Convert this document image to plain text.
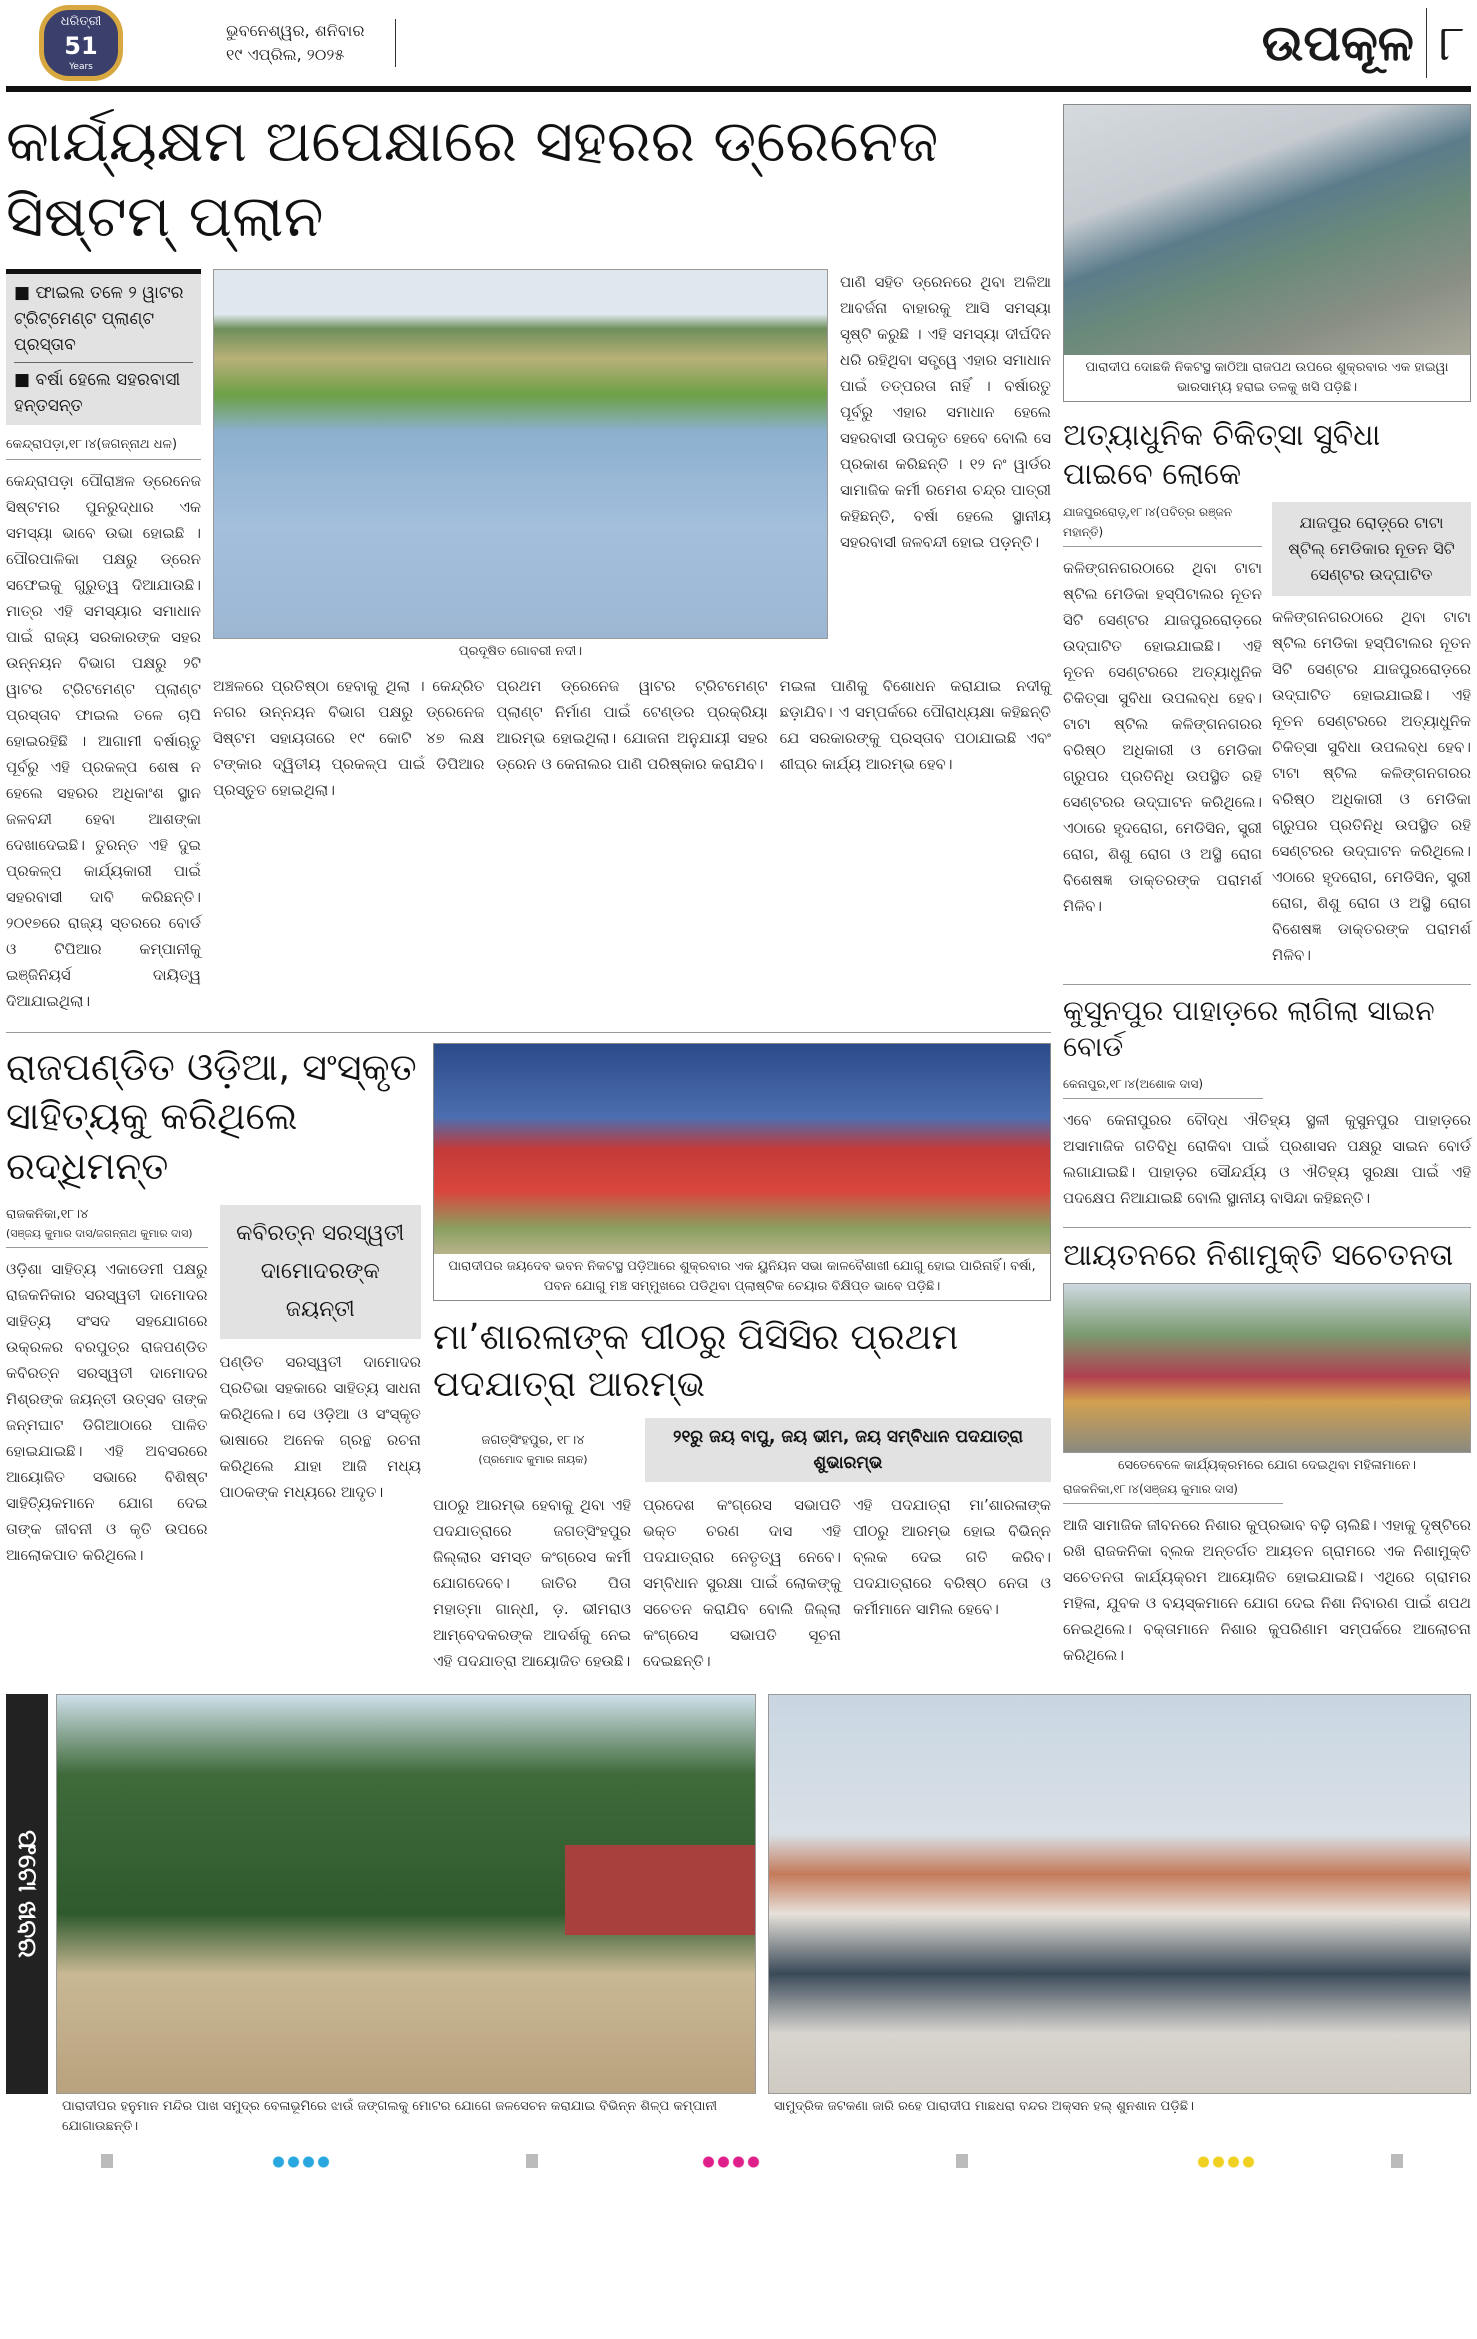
ଧରିତ୍ରୀ
51
Years
ଭୁବନେଶ୍ୱର, ଶନିବାର
୧୯ ଏପ୍ରିଲ, ୨୦୨୫	ଉପକୂଳ ୮
କାର୍ଯ୍ୟକ୍ଷମ ଅପେକ୍ଷାରେ ସହରର ଡ୍ରେନେଜ ସିଷ୍ଟମ୍ ପ୍ଲାନ
■ ଫାଇଲ ତଳେ ୨ ୱାଟର ଟ୍ରିଟ୍‌ମେଣ୍ଟ ପ୍ଲାଣ୍ଟ ପ୍ରସ୍ତାବ
■ ବର୍ଷା ହେଲେ ସହରବାସୀ ହନ୍ତସନ୍ତ
କେନ୍ଦ୍ରାପଡ଼ା,୧୮।୪(ଜଗନ୍ନାଥ ଧଳ)
କେନ୍ଦ୍ରାପଡ଼ା ପୌରାଞ୍ଚଳ ଡ୍ରେନେଜ ସିଷ୍ଟମର ପୁନରୁଦ୍ଧାର ଏକ ସମସ୍ୟା ଭାବେ ଉଭା ହୋଇଛି । ପୌରପାଳିକା ପକ୍ଷରୁ ଡ୍ରେନ ସଫେଇକୁ ଗୁରୁତ୍ୱ ଦିଆଯାଉଛି। ମାତ୍ର ଏହି ସମସ୍ୟାର ସମାଧାନ ପାଇଁ ରାଜ୍ୟ ସରକାରଙ୍କ ସହର ଉନ୍ନୟନ ବିଭାଗ ପକ୍ଷରୁ ୨ଟି ୱାଟର ଟ୍ରିଟମେଣ୍ଟ ପ୍ଲାଣ୍ଟ ପ୍ରସ୍ତାବ ଫାଇଲ ତଳେ ଚାପି ହୋଇରହିଛି । ଆଗାମୀ ବର୍ଷାଋତୁ ପୂର୍ବରୁ ଏହି ପ୍ରକଳ୍ପ ଶେଷ ନ ହେଲେ ସହରର ଅଧିକାଂଶ ସ୍ଥାନ ଜଳବନ୍ଦୀ ହେବା ଆଶଙ୍କା ଦେଖାଦେଇଛି। ତୁରନ୍ତ ଏହି ଦୁଇ ପ୍ରକଳ୍ପ କାର୍ଯ୍ୟକାରୀ ପାଇଁ ସହରବାସୀ ଦାବି କରିଛନ୍ତି। ୨୦୧୭ରେ ରାଜ୍ୟ ସ୍ତରରେ ବୋର୍ଡ ଓ ଟିପିଆର କମ୍ପାନୀକୁ ଇଞ୍ଜିନିୟର୍ସ ଦାୟିତ୍ୱ ଦିଆଯାଇଥିଲା।
ପ୍ରଦୂଷିତ ଗୋବରୀ ନଦୀ।
ପାଣି ସହିତ ଡ୍ରେନରେ ଥିବା ଅଳିଆ ଆବର୍ଜନା ବାହାରକୁ ଆସି ସମସ୍ୟା ସୃଷ୍ଟି କରୁଛି । ଏହି ସମସ୍ୟା ଦୀର୍ଘଦିନ ଧରି ରହିଥିବା ସତ୍ତ୍ୱେ ଏହାର ସମାଧାନ ପାଇଁ ତତ୍ପରତା ନାହିଁ । ବର୍ଷାରତୁ ପୂର୍ବରୁ ଏହାର ସମାଧାନ ହେଲେ ସହରବାସୀ ଉପକୃତ ହେବେ ବୋଲି ସେ ପ୍ରକାଶ କରିଛନ୍ତି । ୧୨ ନଂ ୱାର୍ଡର ସାମାଜିକ କର୍ମୀ ରମେଶ ଚନ୍ଦ୍ର ପାତ୍ରୀ କହିଛନ୍ତି, ବର୍ଷା ହେଲେ ସ୍ଥାନୀୟ ସହରବାସୀ ଜଳବନ୍ଦୀ ହୋଇ ପଡ଼ନ୍ତି।
ଅଞ୍ଚଳରେ ପ୍ରତିଷ୍ଠା ହେବାକୁ ଥିଲା । କେନ୍ଦ୍ରିତ ନଗର ଉନ୍ନୟନ ବିଭାଗ ପକ୍ଷରୁ ଡ୍ରେନେଜ ସିଷ୍ଟମ ସହାୟତାରେ ୧୯ କୋଟି ୪୭ ଲକ୍ଷ ଟଙ୍କାର ଦ୍ୱିତୀୟ ପ୍ରକଳ୍ପ ପାଇଁ ଡିପିଆର ପ୍ରସ୍ତୁତ ହୋଇଥିଲା।
ପ୍ରଥମ ଡ୍ରେନେଜ ୱାଟର ଟ୍ରିଟମେଣ୍ଟ ପ୍ଲାଣ୍ଟ ନିର୍ମାଣ ପାଇଁ ଟେଣ୍ଡର ପ୍ରକ୍ରିୟା ଆରମ୍ଭ ହୋଇଥିଲା। ଯୋଜନା ଅନୁଯାୟୀ ସହର ଡ୍ରେନ ଓ କେନାଲର ପାଣି ପରିଷ୍କାର କରାଯିବ।
ମଇଳା ପାଣିକୁ ବିଶୋଧନ କରାଯାଇ ନଦୀକୁ ଛଡ଼ାଯିବ। ଏ ସମ୍ପର୍କରେ ପୌରାଧ୍ୟକ୍ଷା କହିଛନ୍ତି ଯେ ସରକାରଙ୍କୁ ପ୍ରସ୍ତାବ ପଠାଯାଇଛି ଏବଂ ଶୀଘ୍ର କାର୍ଯ୍ୟ ଆରମ୍ଭ ହେବ।
ରାଜପଣ୍ଡିତ ଓଡ଼ିଆ, ସଂସ୍କୃତ ସାହିତ୍ୟକୁ କରିଥିଲେ ରଦ୍ଧିମନ୍ତ
ରାଜକନିକା,୧୮।୪
(ସଞ୍ଜୟ କୁମାର ଦାସ/ଜଗନ୍ନାଥ କୁମାର ଦାସ)
ଓଡ଼ିଶା ସାହିତ୍ୟ ଏକାଡେମୀ ପକ୍ଷରୁ ରାଜକନିକାର ସରସ୍ୱତୀ ଦାମୋଦର ସାହିତ୍ୟ ସଂସଦ ସହଯୋଗରେ ଉକ୍ରଳର ବରପୁତ୍ର ରାଜପଣ୍ଡିତ କବିରତ୍ନ ସରସ୍ୱତୀ ଦାମୋଦର ମିଶ୍ରଙ୍କ ଜୟନ୍ତୀ ଉତ୍ସବ ତାଙ୍କ ଜନ୍ମଘାଟ ଡିଗିଆଠାରେ ପାଳିତ ହୋଇଯାଇଛି। ଏହି ଅବସରରେ ଆୟୋଜିତ ସଭାରେ ବିଶିଷ୍ଟ ସାହିତ୍ୟିକମାନେ ଯୋଗ ଦେଇ ତାଙ୍କ ଜୀବନୀ ଓ କୃତି ଉପରେ ଆଲୋକପାତ କରିଥିଲେ।
କବିରତ୍ନ ସରସ୍ୱତୀ ଦାମୋଦରଙ୍କ ଜୟନ୍ତୀ
ପଣ୍ଡିତ ସରସ୍ୱତୀ ଦାମୋଦର ପ୍ରତିଭା ସହକାରେ ସାହିତ୍ୟ ସାଧନା କରିଥିଲେ। ସେ ଓଡ଼ିଆ ଓ ସଂସ୍କୃତ ଭାଷାରେ ଅନେକ ଗ୍ରନ୍ଥ ରଚନା କରିଥିଲେ ଯାହା ଆଜି ମଧ୍ୟ ପାଠକଙ୍କ ମଧ୍ୟରେ ଆଦୃତ।
ପାରାଦୀପର ଜୟଦେବ ଭବନ ନିକଟସ୍ଥ ପଡ଼ିଆରେ ଶୁକ୍ରବାର ଏକ ୟୁନିୟନ ସଭା କାଳବୈଶାଖୀ ଯୋଗୁ ହୋଇ ପାରିନାହିଁ। ବର୍ଷା, ପବନ ଯୋଗୁ ମଞ୍ଚ ସମ୍ମୁଖରେ ପଡିଥିବା ପ୍ଲାଷ୍ଟିକ ଚେୟାର ବିକ୍ଷିପ୍ତ ଭାବେ ପଡ଼ିଛି।
ମା’ଶାରଳାଙ୍କ ପୀଠରୁ ପିସିସିର ପ୍ରଥମ ପଦଯାତ୍ରା ଆରମ୍ଭ
ଜଗତ୍‌ସିଂହପୁର, ୧୮।୪
(ପ୍ରମୋଦ କୁମାର ନାୟକ)
୨୧ରୁ ଜୟ ବାପୁ, ଜୟ ଭୀମ, ଜୟ ସମ୍ବିଧାନ ପଦଯାତ୍ରା ଶୁଭାରମ୍ଭ
ପାଠରୁ ଆରମ୍ଭ ହେବାକୁ ଥିବା ଏହି ପଦଯାତ୍ରାରେ ଜଗତ୍‌ସିଂହପୁର ଜିଲ୍ଲାର ସମସ୍ତ କଂଗ୍ରେସ କର୍ମୀ ଯୋଗଦେବେ। ଜାତିର ପିତା ମହାତ୍ମା ଗାନ୍ଧୀ, ଡ଼. ଭୀମରାଓ ଆମ୍ବେଦକରଙ୍କ ଆଦର୍ଶକୁ ନେଇ ଏହି ପଦଯାତ୍ରା ଆୟୋଜିତ ହେଉଛି।
ପ୍ରଦେଶ କଂଗ୍ରେସ ସଭାପତି ଭକ୍ତ ଚରଣ ଦାସ ଏହି ପଦଯାତ୍ରାର ନେତୃତ୍ୱ ନେବେ। ସମ୍ବିଧାନ ସୁରକ୍ଷା ପାଇଁ ଲୋକଙ୍କୁ ସଚେତନ କରାଯିବ ବୋଲି ଜିଲ୍ଲା କଂଗ୍ରେସ ସଭାପତି ସୂଚନା ଦେଇଛନ୍ତି।
ଏହି ପଦଯାତ୍ରା ମା’ଶାରଳାଙ୍କ ପୀଠରୁ ଆରମ୍ଭ ହୋଇ ବିଭିନ୍ନ ବ୍ଲକ ଦେଇ ଗତି କରିବ। ପଦଯାତ୍ରାରେ ବରିଷ୍ଠ ନେତା ଓ କର୍ମୀମାନେ ସାମିଲ ହେବେ।
ପାରାଦୀପ ଦୋଛକି ନିକଟସ୍ଥ କାଠିଆ ରାଜପଥ ଉପରେ ଶୁକ୍ରବାର ଏକ ହାଇୱା ଭାରସାମ୍ୟ ହରାଇ ତଳକୁ ଖସି ପଡ଼ିଛି।
ଅତ୍ୟାଧୁନିକ ଚିକିତ୍ସା ସୁବିଧା ପାଇବେ ଲୋକେ
ଯାଜପୁରରୋଡ଼୍,୧୮।୪(ପବିତ୍ର ରଞ୍ଜନ ମହାନ୍ତି)
କଳିଙ୍ଗନଗରଠାରେ ଥିବା ଟାଟା ଷ୍ଟିଲ ମେଡିକା ହସ୍ପିଟାଲର ନୂତନ ସିଟି ସେଣ୍ଟର ଯାଜପୁରରୋଡ଼ରେ ଉଦ୍‌ଘାଟିତ ହୋଇଯାଇଛି। ଏହି ନୂତନ ସେଣ୍ଟରରେ ଅତ୍ୟାଧୁନିକ ଚିକିତ୍ସା ସୁବିଧା ଉପଲବ୍ଧ ହେବ। ଟାଟା ଷ୍ଟିଲ କଳିଙ୍ଗନଗରର ବରିଷ୍ଠ ଅଧିକାରୀ ଓ ମେଡିକା ଗ୍ରୁପର ପ୍ରତିନିଧି ଉପସ୍ଥିତ ରହି ସେଣ୍ଟରର ଉଦ୍‌ଘାଟନ କରିଥିଲେ। ଏଠାରେ ହୃଦରୋଗ, ମେଡିସିନ, ସ୍ତ୍ରୀ ରୋଗ, ଶିଶୁ ରୋଗ ଓ ଅସ୍ଥି ରୋଗ ବିଶେଷଜ୍ଞ ଡାକ୍ତରଙ୍କ ପରାମର୍ଶ ମିଳିବ।
ଯାଜପୁର ରୋଡ଼୍‌ରେ ଟାଟା ଷ୍ଟିଲ୍ ମେଡିକାର ନୂତନ ସିଟି ସେଣ୍ଟର ଉଦ୍‌ଘାଟିତ
କଳିଙ୍ଗନଗରଠାରେ ଥିବା ଟାଟା ଷ୍ଟିଲ ମେଡିକା ହସ୍ପିଟାଲର ନୂତନ ସିଟି ସେଣ୍ଟର ଯାଜପୁରରୋଡ଼ରେ ଉଦ୍‌ଘାଟିତ ହୋଇଯାଇଛି। ଏହି ନୂତନ ସେଣ୍ଟରରେ ଅତ୍ୟାଧୁନିକ ଚିକିତ୍ସା ସୁବିଧା ଉପଲବ୍ଧ ହେବ। ଟାଟା ଷ୍ଟିଲ କଳିଙ୍ଗନଗରର ବରିଷ୍ଠ ଅଧିକାରୀ ଓ ମେଡିକା ଗ୍ରୁପର ପ୍ରତିନିଧି ଉପସ୍ଥିତ ରହି ସେଣ୍ଟରର ଉଦ୍‌ଘାଟନ କରିଥିଲେ। ଏଠାରେ ହୃଦରୋଗ, ମେଡିସିନ, ସ୍ତ୍ରୀ ରୋଗ, ଶିଶୁ ରୋଗ ଓ ଅସ୍ଥି ରୋଗ ବିଶେଷଜ୍ଞ ଡାକ୍ତରଙ୍କ ପରାମର୍ଶ ମିଳିବ।
କୁସୁନପୁର ପାହାଡ଼ରେ ଲାଗିଲା ସାଇନ ବୋର୍ଡ
କେନାପୁର,୧୮।୪(ଅଶୋକ ଦାସ)
ଏବେ କେନାପୁରର ବୌଦ୍ଧ ଐତିହ୍ୟ ସ୍ଥଳୀ କୁସୁନପୁର ପାହାଡ଼ରେ ଅସାମାଜିକ ଗତିବିଧି ରୋକିବା ପାଇଁ ପ୍ରଶାସନ ପକ୍ଷରୁ ସାଇନ ବୋର୍ଡ ଲଗାଯାଇଛି। ପାହାଡ଼ର ସୌନ୍ଦର୍ଯ୍ୟ ଓ ଐତିହ୍ୟ ସୁରକ୍ଷା ପାଇଁ ଏହି ପଦକ୍ଷେପ ନିଆଯାଇଛି ବୋଲି ସ୍ଥାନୀୟ ବାସିନ୍ଦା କହିଛନ୍ତି।
ଆୟତନରେ ନିଶାମୁକ୍ତି ସଚେତନତା
ସେତେବେଳେ କାର୍ଯ୍ୟକ୍ରମରେ ଯୋଗ ଦେଇଥିବା ମହିଳାମାନେ।
ରାଜକନିକା,୧୮।୪(ସଞ୍ଜୟ କୁମାର ଦାସ)
ଆଜି ସାମାଜିକ ଜୀବନରେ ନିଶାର କୁପ୍ରଭାବ ବଢ଼ି ଚାଲିଛି। ଏହାକୁ ଦୃଷ୍ଟିରେ ରଖି ରାଜକନିକା ବ୍ଲକ ଅନ୍ତର୍ଗତ ଆୟତନ ଗ୍ରାମରେ ଏକ ନିଶାମୁକ୍ତି ସଚେତନତା କାର୍ଯ୍ୟକ୍ରମ ଆୟୋଜିତ ହୋଇଯାଇଛି। ଏଥିରେ ଗ୍ରାମର ମହିଳା, ଯୁବକ ଓ ବୟସ୍କମାନେ ଯୋଗ ଦେଇ ନିଶା ନିବାରଣ ପାଇଁ ଶପଥ ନେଇଥିଲେ। ବକ୍ତାମାନେ ନିଶାର କୁପରିଣାମ ସମ୍ପର୍କରେ ଆଲୋଚନା କରିଥିଲେ।
ଫଟୋ ଖବର
ପାରାଦୀପର ହନୁମାନ ମନ୍ଦିର ପାଖ ସମୁଦ୍ର ବେଳାଭୂମିରେ ଝାଉଁ ଜଙ୍ଗଲକୁ ମୋଟର ଯୋଗେ ଜଳସେଚନ କରାଯାଇ ବିଭିନ୍ନ ଶିଳ୍ପ କମ୍ପାନୀ ଯୋଗାଉଛନ୍ତି।
ସାମୁଦ୍ରିକ ଜଟକଣା ଜାରି ରହେ ପାରାଦୀପ ମାଛଧରା ବନ୍ଦର ଅକ୍ସନ ହଲ୍ ଶୁନଶାନ ପଡ଼ିଛି।
